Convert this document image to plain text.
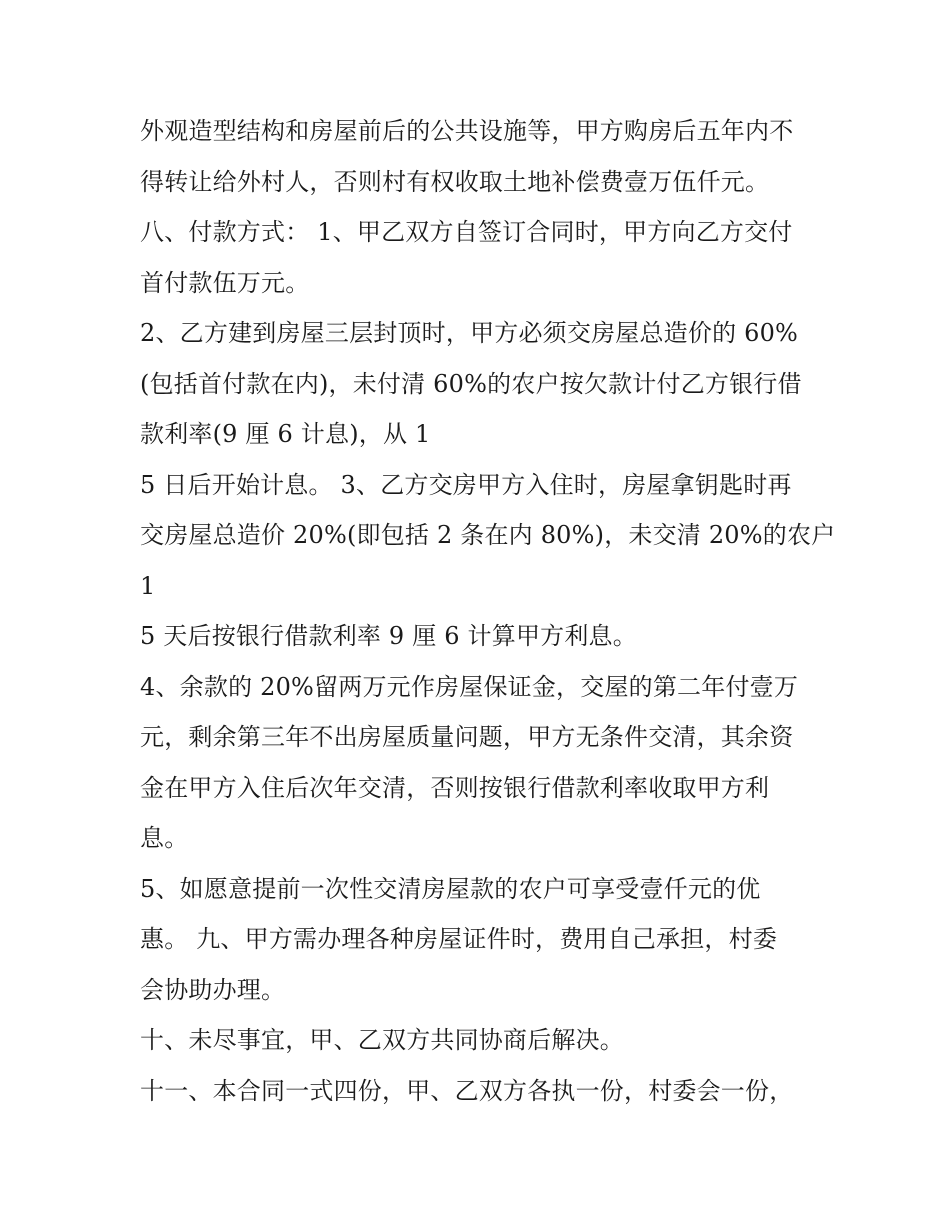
外观造型结构和房屋前后的公共设施等，甲方购房后五年内不
得转让给外村人，否则村有权收取土地补偿费壹万伍仟元。
八、付款方式： 1、甲乙双方自签订合同时，甲方向乙方交付
首付款伍万元。
2、乙方建到房屋三层封顶时，甲方必须交房屋总造价的 60%
(包括首付款在内)，未付清 60%的农户按欠款计付乙方银行借
款利率(9 厘 6 计息)，从 1
5 日后开始计息。 3、乙方交房甲方入住时，房屋拿钥匙时再
交房屋总造价 20%(即包括 2 条在内 80%)，未交清 20%的农户
1
5 天后按银行借款利率 9 厘 6 计算甲方利息。
4、余款的 20%留两万元作房屋保证金，交屋的第二年付壹万
元，剩余第三年不出房屋质量问题，甲方无条件交清，其余资
金在甲方入住后次年交清，否则按银行借款利率收取甲方利
息。
5、如愿意提前一次性交清房屋款的农户可享受壹仟元的优
惠。 九、甲方需办理各种房屋证件时，费用自己承担，村委
会协助办理。
十、未尽事宜，甲、乙双方共同协商后解决。
十一、本合同一式四份，甲、乙双方各执一份，村委会一份，
